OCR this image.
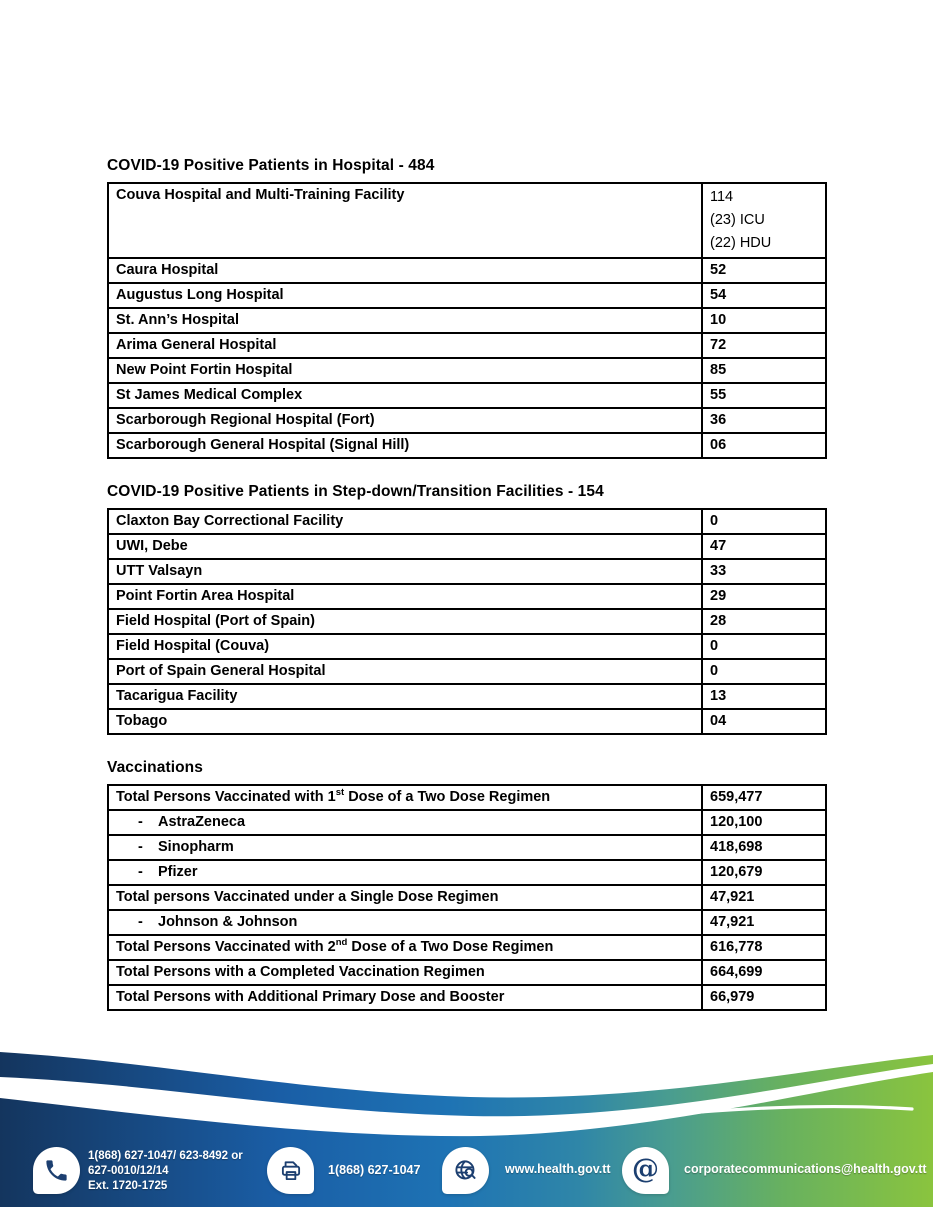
COVID-19 Positive Patients in Hospital - 484
Couva Hospital and Multi-Training Facility	114
(23) ICU
(22) HDU

Caura Hospital	52
Augustus Long Hospital	54
St. Ann’s Hospital	10
Arima General Hospital	72
New Point Fortin Hospital	85
St James Medical Complex	55
Scarborough Regional Hospital (Fort)	36
Scarborough General Hospital (Signal Hill)	06
COVID-19 Positive Patients in Step-down/Transition Facilities - 154
Claxton Bay Correctional Facility	0
UWI, Debe	47
UTT Valsayn	33
Point Fortin Area Hospital	29
Field Hospital (Port of Spain)	28
Field Hospital (Couva)	0
Port of Spain General Hospital	0
Tacarigua Facility	13
Tobago	04
Vaccinations
Total Persons Vaccinated with 1st Dose of a Two Dose Regimen	659,477
- AstraZeneca	120,100
- Sinopharm	418,698
- Pfizer	120,679
Total persons Vaccinated under a Single Dose Regimen	47,921
- Johnson & Johnson	47,921
Total Persons Vaccinated with 2nd Dose of a Two Dose Regimen	616,778
Total Persons with a Completed Vaccination Regimen	664,699
Total Persons with Additional Primary Dose and Booster	66,979
1(868) 627-1047/ 623-8492 or
627-0010/12/14
Ext. 1720-1725
1(868) 627-1047	www.health.gov.tt @ corporatecommunications@health.gov.tt
